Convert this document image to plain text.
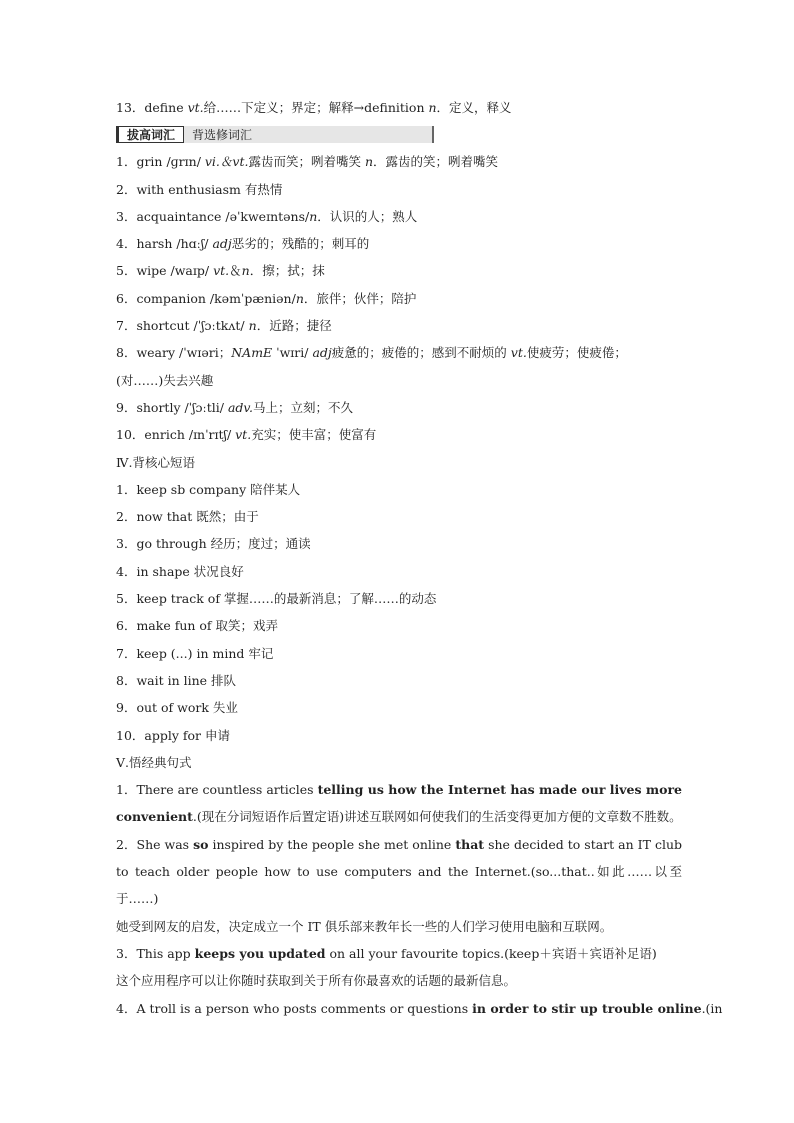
13．define vt.给……下定义；界定；解释→definition n．定义，释义
拔高词汇	背选修词汇
1．grin /ɡrɪn/ vi.＆vt.露齿而笑；咧着嘴笑 n．露齿的笑；咧着嘴笑
2．with enthusiasm 有热情
3．acquaintance /əˈkweɪntəns/n．认识的人；熟人
4．harsh /hɑːʃ/ adj恶劣的；残酷的；刺耳的
5．wipe /waɪp/ vt.＆n．擦；拭；抹
6．companion /kəmˈpæniən/n．旅伴；伙伴；陪护
7．shortcut /ˈʃɔːtkʌt/ n．近路；捷径
8．weary /ˈwɪəri；NAmE ˈwɪri/ adj疲惫的；疲倦的；感到不耐烦的 vt.使疲劳；使疲倦；
(对……)失去兴趣
9．shortly /ˈʃɔːtli/ adv.马上；立刻；不久
10．enrich /ɪnˈrɪtʃ/ vt.充实；使丰富；使富有
Ⅳ.背核心短语
1．keep sb company 陪伴某人
2．now that 既然；由于
3．go through 经历；度过；通读
4．in shape 状况良好
5．keep track of 掌握……的最新消息；了解……的动态
6．make fun of 取笑；戏弄
7．keep (...) in mind 牢记
8．wait in line 排队
9．out of work 失业
10．apply for 申请
Ⅴ.悟经典句式
1．There are countless articles telling us how the Internet has made our lives more convenient.(现在分词短语作后置定语)讲述互联网如何使我们的生活变得更加方便的文章数不胜数。
2．She was so inspired by the people she met online that she decided to start an IT club to teach older people how to use computers and the Internet.(so...that..如此……以至于……)
她受到网友的启发，决定成立一个 IT 俱乐部来教年长一些的人们学习使用电脑和互联网。
3．This app keeps you updated on all your favourite topics.(keep＋宾语＋宾语补足语)
这个应用程序可以让你随时获取到关于所有你最喜欢的话题的最新信息。
4．A troll is a person who posts comments or questions in order to stir up trouble online.(in
